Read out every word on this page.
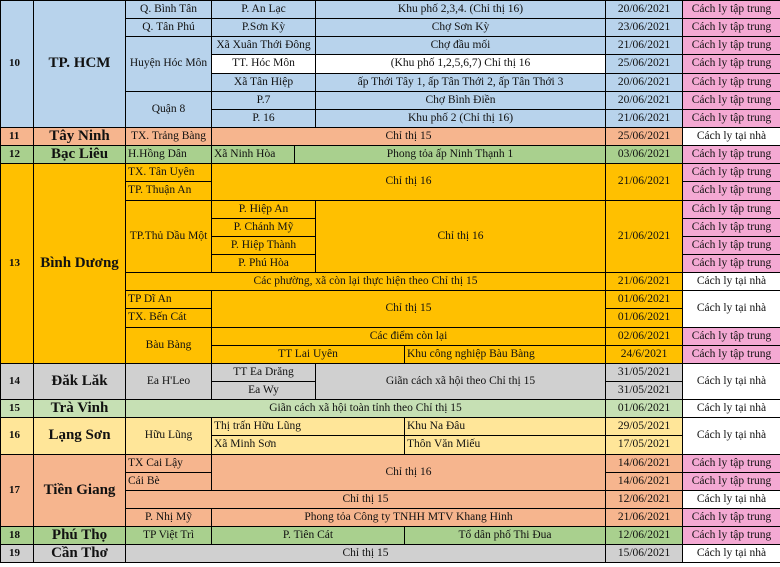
10	TP. HCM	Q. Bình Tân	P. An Lạc		Khu phố 2,3,4. (Chỉ thị 16)		20/06/2021	Cách ly tập trung
		Q. Tân Phú	P.Sơn Kỳ		Chợ Sơn Kỳ		23/06/2021	Cách ly tập trung
		Huyện Hóc Môn	Xã Xuân Thới Đông		Chợ đầu mối		21/06/2021	Cách ly tập trung
			TT. Hóc Môn		(Khu phố 1,2,5,6,7) Chỉ thị 16		25/06/2021	Cách ly tập trung
			Xã Tân Hiệp		ấp Thới Tây 1, ấp Tân Thới 2, ấp Tân Thới 3		20/06/2021	Cách ly tập trung
		Quận 8	P.7		Chợ Bình Điền		20/06/2021	Cách ly tập trung
			P. 16		Khu phố 2 (Chỉ thị 16)		21/06/2021	Cách ly tập trung
11	Tây Ninh	TX. Trảng Bàng	Chỉ thị 15				25/06/2021	Cách ly tại nhà
12	Bạc Liêu	H.Hồng Dân	Xã Ninh Hòa	Phong tỏa ấp Ninh Thạnh 1			03/06/2021	Cách ly tập trung
13	Bình Dương	TX. Tân Uyên	Chỉ thị 16				21/06/2021	Cách ly tập trung
		TP. Thuận An						Cách ly tập trung
		TP.Thủ Dầu Một	P. Hiệp An		Chỉ thị 16		21/06/2021	Cách ly tập trung
			P. Chánh Mỹ					Cách ly tập trung
			P. Hiệp Thành					Cách ly tập trung
			P. Phú Hòa					Cách ly tập trung
		Các phường, xã còn lại thực hiện theo Chỉ thị 15					21/06/2021	Cách ly tại nhà
		TP Dĩ An	Chỉ thị 15				01/06/2021	Cách ly tại nhà
		TX. Bến Cát					01/06/2021	
		Bàu Bàng	Các điểm còn lại				02/06/2021	Cách ly tập trung
			TT Lai Uyên			Khu công nghiệp Bàu Bàng	24/6/2021	Cách ly tập trung
14	Đăk Lăk	Ea H'Leo	TT Ea Drăng		Giãn cách xã hội theo Chỉ thị 15		31/05/2021	Cách ly tại nhà
			Ea Wy				31/05/2021	
15	Trà Vinh	Giãn cách xã hội toàn tỉnh theo Chỉ thị 15					01/06/2021	Cách ly tại nhà
16	Lạng Sơn	Hữu Lũng	Thị trấn Hữu Lũng			Khu Na Đâu	29/05/2021	Cách ly tại nhà
			Xã Minh Sơn			Thôn Văn Miếu	17/05/2021	
17	Tiền Giang	TX Cai Lậy	Chỉ thị 16				14/06/2021	Cách ly tập trung
		Cái Bè					14/06/2021	Cách ly tập trung
		Chỉ thị 15					12/06/2021	Cách ly tại nhà
		P. Nhị Mỹ	Phong tỏa Công ty TNHH MTV Khang Hinh				21/06/2021	Cách ly tập trung
18	Phú Thọ	TP Việt Trì	P. Tiên Cát			Tổ dân phố Thi Đua	12/06/2021	Cách ly tập trung
19	Cần Thơ	Chỉ thị 15					15/06/2021	Cách ly tại nhà
